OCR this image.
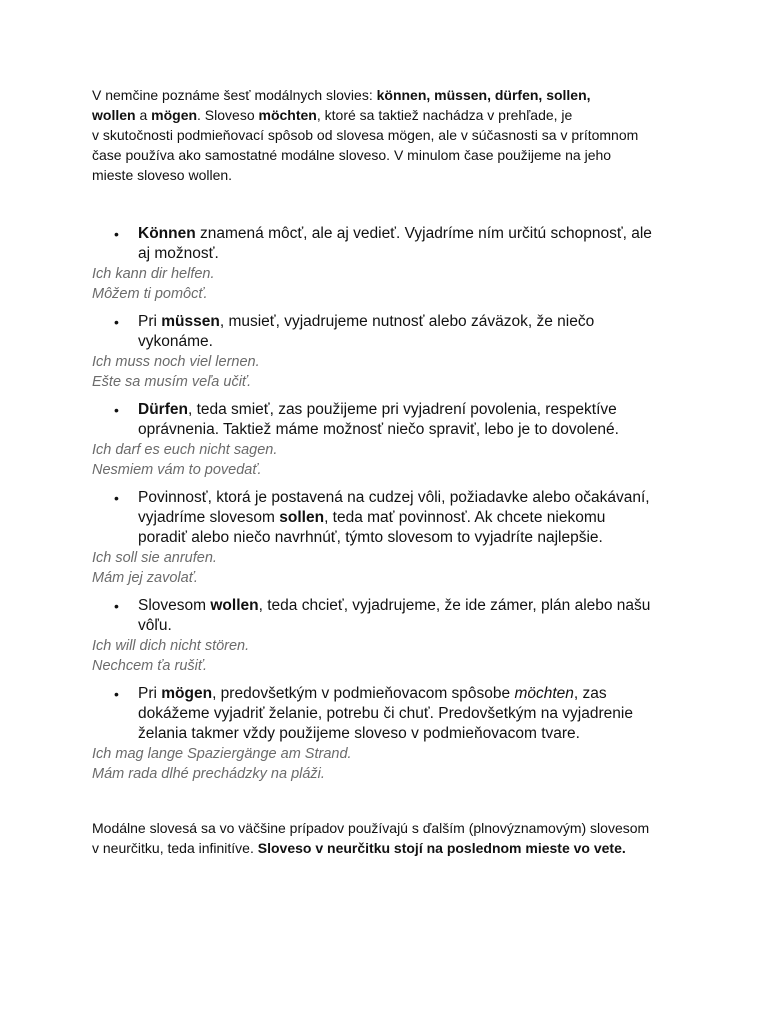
V nemčine poznáme šesť modálnych slovies: können, müssen, dürfen, sollen,
wollen a mögen. Sloveso möchten, ktoré sa taktiež nachádza v prehľade, je
v skutočnosti podmieňovací spôsob od slovesa mögen, ale v súčasnosti sa v prítomnom
čase používa ako samostatné modálne sloveso. V minulom čase použijeme na jeho
mieste sloveso wollen.

• Können znamená môcť, ale aj vedieť. Vyjadríme ním určitú schopnosť, ale
aj možnosť.
Ich kann dir helfen.
Môžem ti pomôcť.
• Pri müssen, musieť, vyjadrujeme nutnosť alebo záväzok, že niečo
vykonáme.
Ich muss noch viel lernen.
Ešte sa musím veľa učiť.
• Dürfen, teda smieť, zas použijeme pri vyjadrení povolenia, respektíve
oprávnenia. Taktiež máme možnosť niečo spraviť, lebo je to dovolené.
Ich darf es euch nicht sagen.
Nesmiem vám to povedať.
• Povinnosť, ktorá je postavená na cudzej vôli, požiadavke alebo očakávaní,
vyjadríme slovesom sollen, teda mať povinnosť. Ak chcete niekomu
poradiť alebo niečo navrhnúť, týmto slovesom to vyjadríte najlepšie.
Ich soll sie anrufen.
Mám jej zavolať.
• Slovesom wollen, teda chcieť, vyjadrujeme, že ide zámer, plán alebo našu
vôľu.
Ich will dich nicht stören.
Nechcem ťa rušiť.
• Pri mögen, predovšetkým v podmieňovacom spôsobe möchten, zas
dokážeme vyjadriť želanie, potrebu či chuť. Predovšetkým na vyjadrenie
želania takmer vždy použijeme sloveso v podmieňovacom tvare.
Ich mag lange Spaziergänge am Strand.
Mám rada dlhé prechádzky na pláži.

Modálne slovesá sa vo väčšine prípadov používajú s ďalším (plnovýznamovým) slovesom
v neurčitku, teda infinitíve. Sloveso v neurčitku stojí na poslednom mieste vo vete.
